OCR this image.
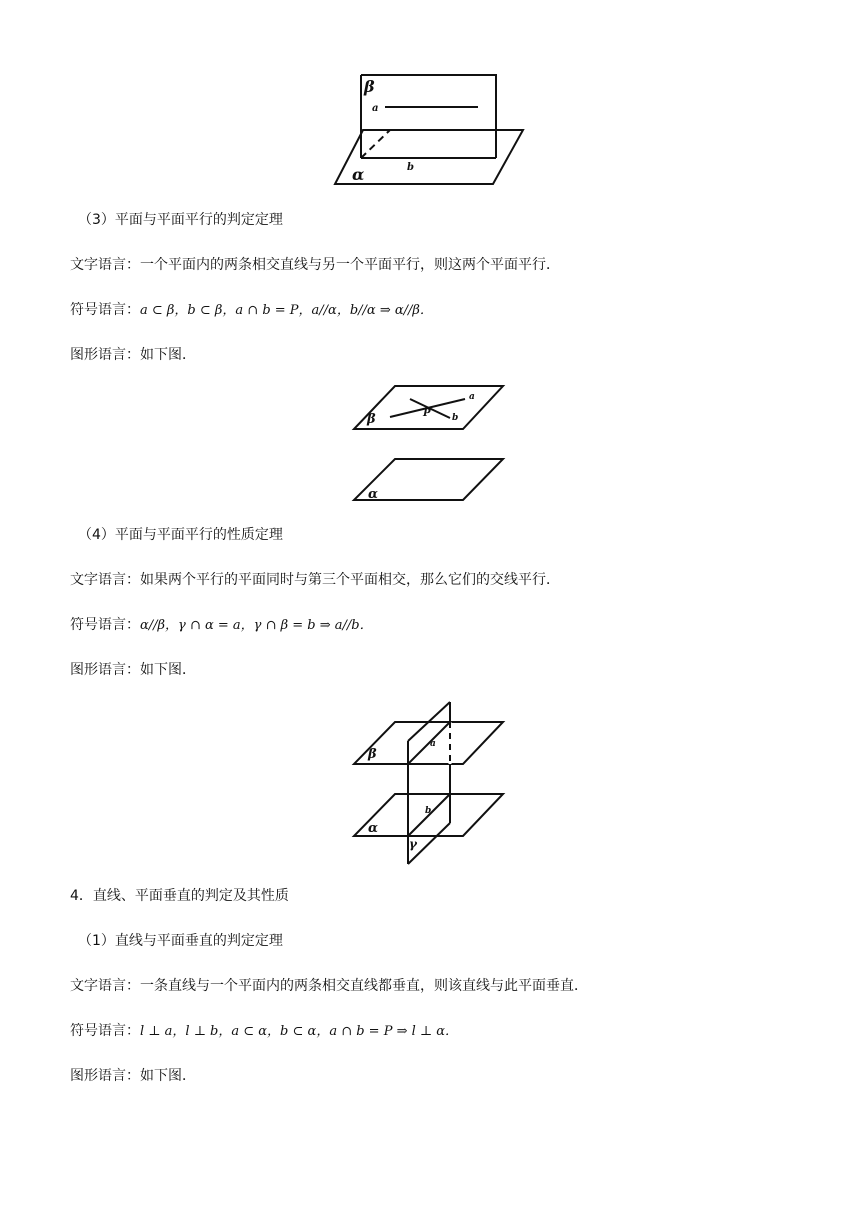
β
a
b
α
（3）平面与平面平行的判定定理
文字语言：一个平面内的两条相交直线与另一个平面平行，则这两个平面平行．
符号语言：a ⊂ β，b ⊂ β，a ∩ b = P，a//α，b//α ⇒ α//β．
图形语言：如下图．
β
a
P b
α
（4）平面与平面平行的性质定理
文字语言：如果两个平行的平面同时与第三个平面相交，那么它们的交线平行．
符号语言：α//β，γ ∩ α = a，γ ∩ β = b ⇒ a//b．
图形语言：如下图．
β
a
b
α
γ
4．直线、平面垂直的判定及其性质
（1）直线与平面垂直的判定定理
文字语言：一条直线与一个平面内的两条相交直线都垂直，则该直线与此平面垂直．
符号语言：l ⊥ a，l ⊥ b，a ⊂ α，b ⊂ α，a ∩ b = P ⇒ l ⊥ α．
图形语言：如下图．
